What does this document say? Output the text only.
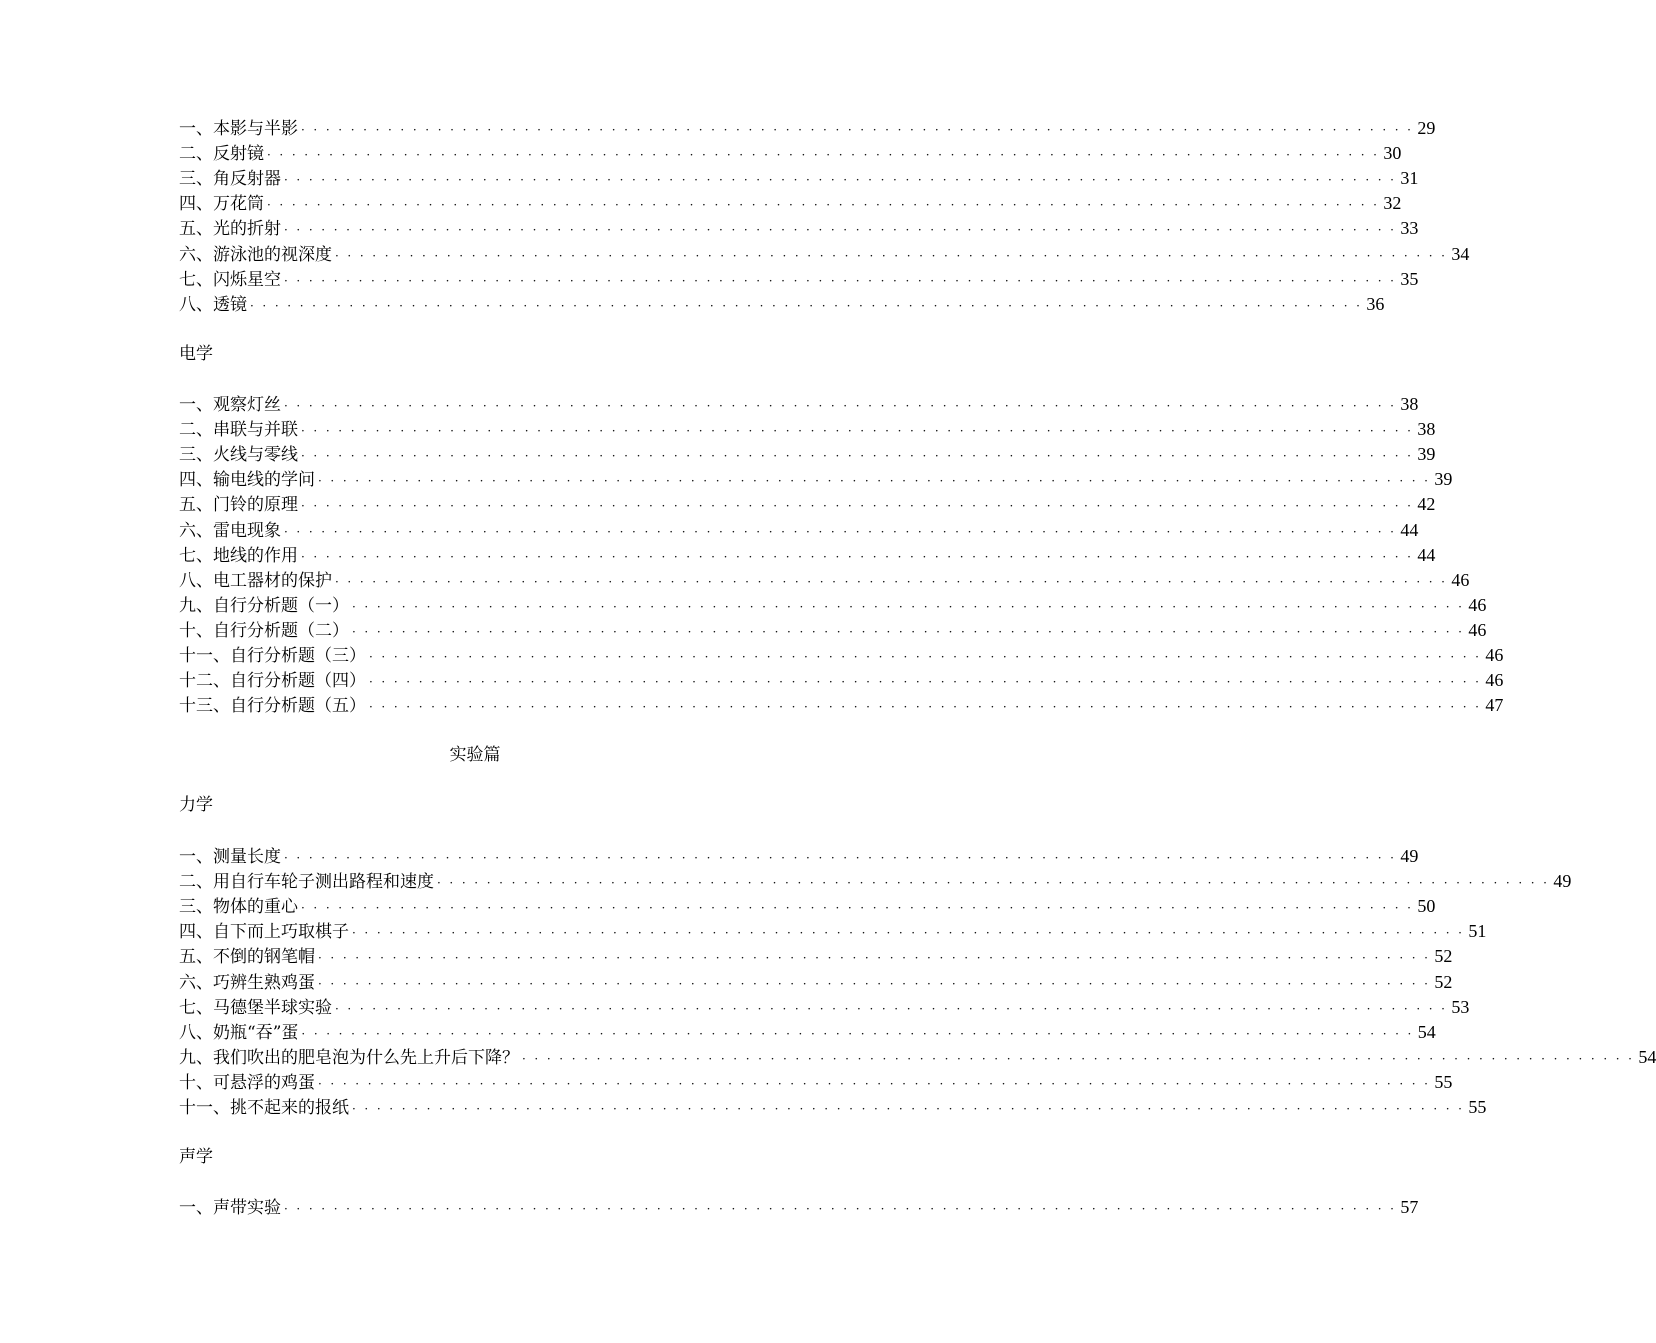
一、本影与半影 · · · · · · · · · · · · · · · · · · · · · · · · · · · · · · · · · · · · · · · · · · · · · · · · · · · · · · · · · · · · · · · · · · · · · · · · · · · · · · · · · · · · · · · · · · 29
二、反射镜 · · · · · · · · · · · · · · · · · · · · · · · · · · · · · · · · · · · · · · · · · · · · · · · · · · · · · · · · · · · · · · · · · · · · · · · · · · · · · · · · · · · · · · · · · · 30
三、角反射器 · · · · · · · · · · · · · · · · · · · · · · · · · · · · · · · · · · · · · · · · · · · · · · · · · · · · · · · · · · · · · · · · · · · · · · · · · · · · · · · · · · · · · · · · · · 31
四、万花筒 · · · · · · · · · · · · · · · · · · · · · · · · · · · · · · · · · · · · · · · · · · · · · · · · · · · · · · · · · · · · · · · · · · · · · · · · · · · · · · · · · · · · · · · · · · 32
五、光的折射 · · · · · · · · · · · · · · · · · · · · · · · · · · · · · · · · · · · · · · · · · · · · · · · · · · · · · · · · · · · · · · · · · · · · · · · · · · · · · · · · · · · · · · · · · · 33
六、游泳池的视深度 · · · · · · · · · · · · · · · · · · · · · · · · · · · · · · · · · · · · · · · · · · · · · · · · · · · · · · · · · · · · · · · · · · · · · · · · · · · · · · · · · · · · · · · · · · 34
七、闪烁星空 · · · · · · · · · · · · · · · · · · · · · · · · · · · · · · · · · · · · · · · · · · · · · · · · · · · · · · · · · · · · · · · · · · · · · · · · · · · · · · · · · · · · · · · · · · 35
八、透镜 · · · · · · · · · · · · · · · · · · · · · · · · · · · · · · · · · · · · · · · · · · · · · · · · · · · · · · · · · · · · · · · · · · · · · · · · · · · · · · · · · · · · · · · · · · 36
电学
一、观察灯丝 · · · · · · · · · · · · · · · · · · · · · · · · · · · · · · · · · · · · · · · · · · · · · · · · · · · · · · · · · · · · · · · · · · · · · · · · · · · · · · · · · · · · · · · · · · 38
二、串联与并联 · · · · · · · · · · · · · · · · · · · · · · · · · · · · · · · · · · · · · · · · · · · · · · · · · · · · · · · · · · · · · · · · · · · · · · · · · · · · · · · · · · · · · · · · · · 38
三、火线与零线 · · · · · · · · · · · · · · · · · · · · · · · · · · · · · · · · · · · · · · · · · · · · · · · · · · · · · · · · · · · · · · · · · · · · · · · · · · · · · · · · · · · · · · · · · · 39
四、输电线的学问 · · · · · · · · · · · · · · · · · · · · · · · · · · · · · · · · · · · · · · · · · · · · · · · · · · · · · · · · · · · · · · · · · · · · · · · · · · · · · · · · · · · · · · · · · · 39
五、门铃的原理 · · · · · · · · · · · · · · · · · · · · · · · · · · · · · · · · · · · · · · · · · · · · · · · · · · · · · · · · · · · · · · · · · · · · · · · · · · · · · · · · · · · · · · · · · · 42
六、雷电现象 · · · · · · · · · · · · · · · · · · · · · · · · · · · · · · · · · · · · · · · · · · · · · · · · · · · · · · · · · · · · · · · · · · · · · · · · · · · · · · · · · · · · · · · · · · 44
七、地线的作用 · · · · · · · · · · · · · · · · · · · · · · · · · · · · · · · · · · · · · · · · · · · · · · · · · · · · · · · · · · · · · · · · · · · · · · · · · · · · · · · · · · · · · · · · · · 44
八、电工器材的保护 · · · · · · · · · · · · · · · · · · · · · · · · · · · · · · · · · · · · · · · · · · · · · · · · · · · · · · · · · · · · · · · · · · · · · · · · · · · · · · · · · · · · · · · · · · 46
九、自行分析题（一） · · · · · · · · · · · · · · · · · · · · · · · · · · · · · · · · · · · · · · · · · · · · · · · · · · · · · · · · · · · · · · · · · · · · · · · · · · · · · · · · · · · · · · · · · · 46
十、自行分析题（二） · · · · · · · · · · · · · · · · · · · · · · · · · · · · · · · · · · · · · · · · · · · · · · · · · · · · · · · · · · · · · · · · · · · · · · · · · · · · · · · · · · · · · · · · · · 46
十一、自行分析题（三） · · · · · · · · · · · · · · · · · · · · · · · · · · · · · · · · · · · · · · · · · · · · · · · · · · · · · · · · · · · · · · · · · · · · · · · · · · · · · · · · · · · · · · · · · · 46
十二、自行分析题（四） · · · · · · · · · · · · · · · · · · · · · · · · · · · · · · · · · · · · · · · · · · · · · · · · · · · · · · · · · · · · · · · · · · · · · · · · · · · · · · · · · · · · · · · · · · 46
十三、自行分析题（五） · · · · · · · · · · · · · · · · · · · · · · · · · · · · · · · · · · · · · · · · · · · · · · · · · · · · · · · · · · · · · · · · · · · · · · · · · · · · · · · · · · · · · · · · · · 47
实验篇
力学
一、测量长度 · · · · · · · · · · · · · · · · · · · · · · · · · · · · · · · · · · · · · · · · · · · · · · · · · · · · · · · · · · · · · · · · · · · · · · · · · · · · · · · · · · · · · · · · · · 49
二、用自行车轮子测出路程和速度 · · · · · · · · · · · · · · · · · · · · · · · · · · · · · · · · · · · · · · · · · · · · · · · · · · · · · · · · · · · · · · · · · · · · · · · · · · · · · · · · · · · · · · · · · · 49
三、物体的重心 · · · · · · · · · · · · · · · · · · · · · · · · · · · · · · · · · · · · · · · · · · · · · · · · · · · · · · · · · · · · · · · · · · · · · · · · · · · · · · · · · · · · · · · · · · 50
四、自下而上巧取棋子 · · · · · · · · · · · · · · · · · · · · · · · · · · · · · · · · · · · · · · · · · · · · · · · · · · · · · · · · · · · · · · · · · · · · · · · · · · · · · · · · · · · · · · · · · · 51
五、不倒的钢笔帽 · · · · · · · · · · · · · · · · · · · · · · · · · · · · · · · · · · · · · · · · · · · · · · · · · · · · · · · · · · · · · · · · · · · · · · · · · · · · · · · · · · · · · · · · · · 52
六、巧辨生熟鸡蛋 · · · · · · · · · · · · · · · · · · · · · · · · · · · · · · · · · · · · · · · · · · · · · · · · · · · · · · · · · · · · · · · · · · · · · · · · · · · · · · · · · · · · · · · · · · 52
七、马德堡半球实验 · · · · · · · · · · · · · · · · · · · · · · · · · · · · · · · · · · · · · · · · · · · · · · · · · · · · · · · · · · · · · · · · · · · · · · · · · · · · · · · · · · · · · · · · · · 53
八、奶瓶“吞”蛋 · · · · · · · · · · · · · · · · · · · · · · · · · · · · · · · · · · · · · · · · · · · · · · · · · · · · · · · · · · · · · · · · · · · · · · · · · · · · · · · · · · · · · · · · · · 54
九、我们吹出的肥皂泡为什么先上升后下降？ · · · · · · · · · · · · · · · · · · · · · · · · · · · · · · · · · · · · · · · · · · · · · · · · · · · · · · · · · · · · · · · · · · · · · · · · · · · · · · · · · · · · · · · · · · 54
十、可悬浮的鸡蛋 · · · · · · · · · · · · · · · · · · · · · · · · · · · · · · · · · · · · · · · · · · · · · · · · · · · · · · · · · · · · · · · · · · · · · · · · · · · · · · · · · · · · · · · · · · 55
十一、挑不起来的报纸 · · · · · · · · · · · · · · · · · · · · · · · · · · · · · · · · · · · · · · · · · · · · · · · · · · · · · · · · · · · · · · · · · · · · · · · · · · · · · · · · · · · · · · · · · · 55
声学
一、声带实验 · · · · · · · · · · · · · · · · · · · · · · · · · · · · · · · · · · · · · · · · · · · · · · · · · · · · · · · · · · · · · · · · · · · · · · · · · · · · · · · · · · · · · · · · · · 57
